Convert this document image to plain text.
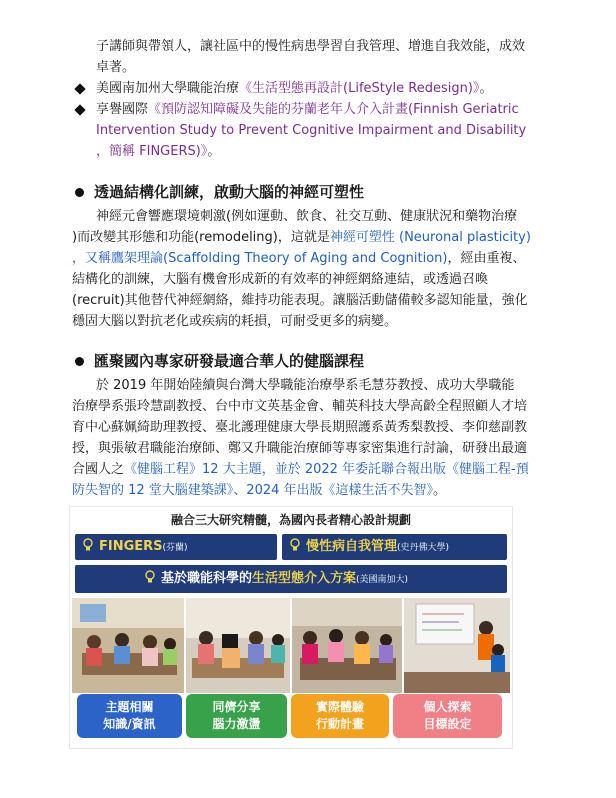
子講師與帶領人，讓社區中的慢性病患學習自我管理、增進自我效能，成效
卓著。
美國南加州大學職能治療《生活型態再設計(LifeStyle Redesign)》。
享譽國際《預防認知障礙及失能的芬蘭老年人介入計畫(Finnish Geriatric
Intervention Study to Prevent Cognitive Impairment and Disability
，簡稱 FINGERS)》。
透過結構化訓練，啟動大腦的神經可塑性
神經元會響應環境刺激(例如運動、飲食、社交互動、健康狀況和藥物治療
)而改變其形態和功能(remodeling)，這就是神經可塑性 (Neuronal plasticity)
，又稱鷹架理論(Scaffolding Theory of Aging and Cognition)，經由重複、
結構化的訓練，大腦有機會形成新的有效率的神經網絡連結，或透過召喚
(recruit)其他替代神經網絡，維持功能表現。讓腦活動儲備較多認知能量，強化
穩固大腦以對抗老化或疾病的耗損，可耐受更多的病變。
匯聚國內專家研發最適合華人的健腦課程
於 2019 年開始陸續與台灣大學職能治療學系毛慧芬教授、成功大學職能
治療學系張玲慧副教授、台中市文英基金會、輔英科技大學高齡全程照顧人才培
育中心蘇姵綺助理教授、臺北護理健康大學長期照護系黃秀梨教授、李仰慈副教
授，與張敏君職能治療師、鄭又升職能治療師等專家密集進行討論，研發出最適
合國人之《健腦工程》12 大主題，並於 2022 年委託聯合報出版《健腦工程-預
防失智的 12 堂大腦建築課》、2024 年出版《這樣生活不失智》。
融合三大研究精髓，為國內長者精心設計規劃
FINGERS(芬蘭)	慢性病自我管理(史丹佛大學)
基於職能科學的生活型態介入方案(美國南加大)
主題相關
知識/資訊
同儕分享
腦力激盪
實際體驗
行動計畫
個人探索
目標設定
